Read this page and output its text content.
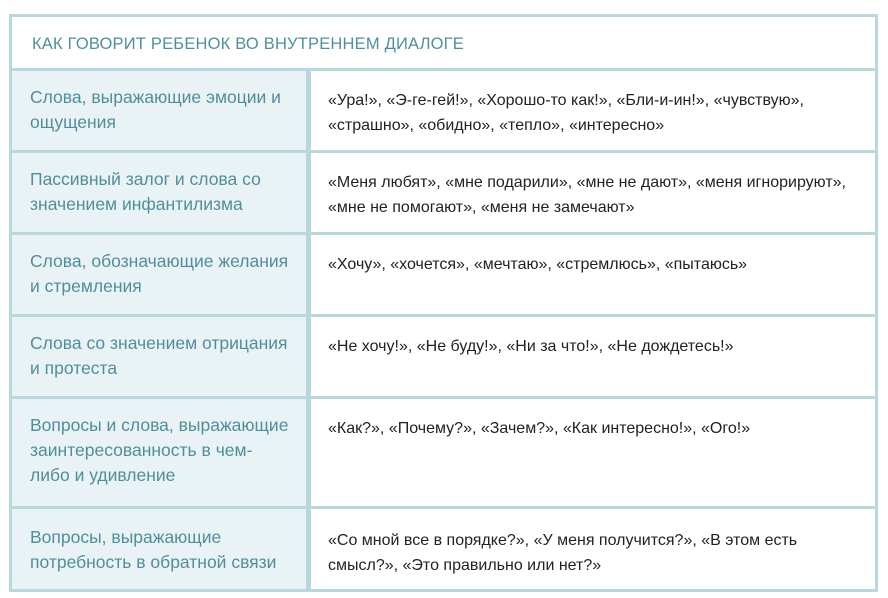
КАК ГОВОРИТ РЕБЕНОК ВО ВНУТРЕННЕМ ДИАЛОГЕ
Слова, выражающие эмоции и ощущения
«Ура!», «Э-ге-гей!», «Хорошо-то как!», «Бли-и-ин!», «чувствую», «страшно», «обидно», «тепло», «интересно»
Пассивный залог и слова со значением инфантилизма
«Меня любят», «мне подарили», «мне не дают», «меня игнорируют», «мне не помогают», «меня не замечают»
Слова, обозначающие желания и стремления
«Хочу», «хочется», «мечтаю», «стремлюсь», «пытаюсь»
Слова со значением отрицания и протеста
«Не хочу!», «Не буду!», «Ни за что!», «Не дождетесь!»
Вопросы и слова, выражающие заинтересованность в чем-либо и удивление
«Как?», «Почему?», «Зачем?», «Как интересно!», «Ого!»
Вопросы, выражающие потребность в обратной связи
«Со мной все в порядке?», «У меня получится?», «В этом есть смысл?», «Это правильно или нет?»
